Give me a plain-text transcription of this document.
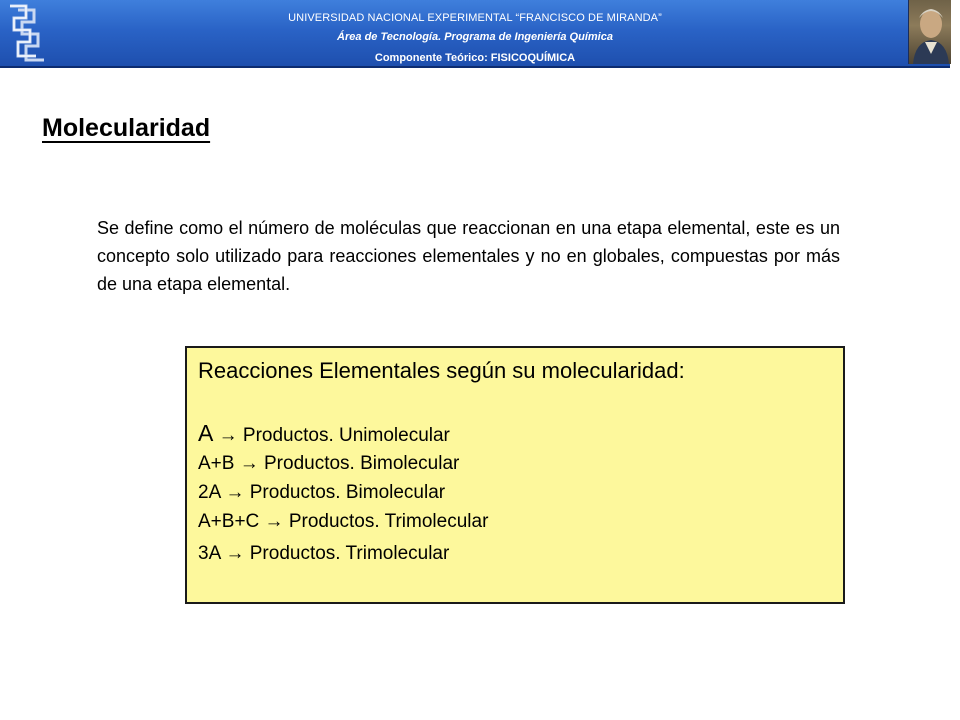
UNIVERSIDAD NACIONAL EXPERIMENTAL “FRANCISCO DE MIRANDA”
Área de Tecnología. Programa de Ingeniería Química
Componente Teórico: FISICOQUÍMICA
Molecularidad
Se define como el número de moléculas que reaccionan en una etapa elemental, este es un concepto solo utilizado para reacciones elementales y no en globales, compuestas por más de una etapa elemental.
Reacciones Elementales según su molecularidad:
A → Productos. Unimolecular
A+B → Productos. Bimolecular
2A → Productos. Bimolecular
A+B+C → Productos. Trimolecular
3A → Productos. Trimolecular
